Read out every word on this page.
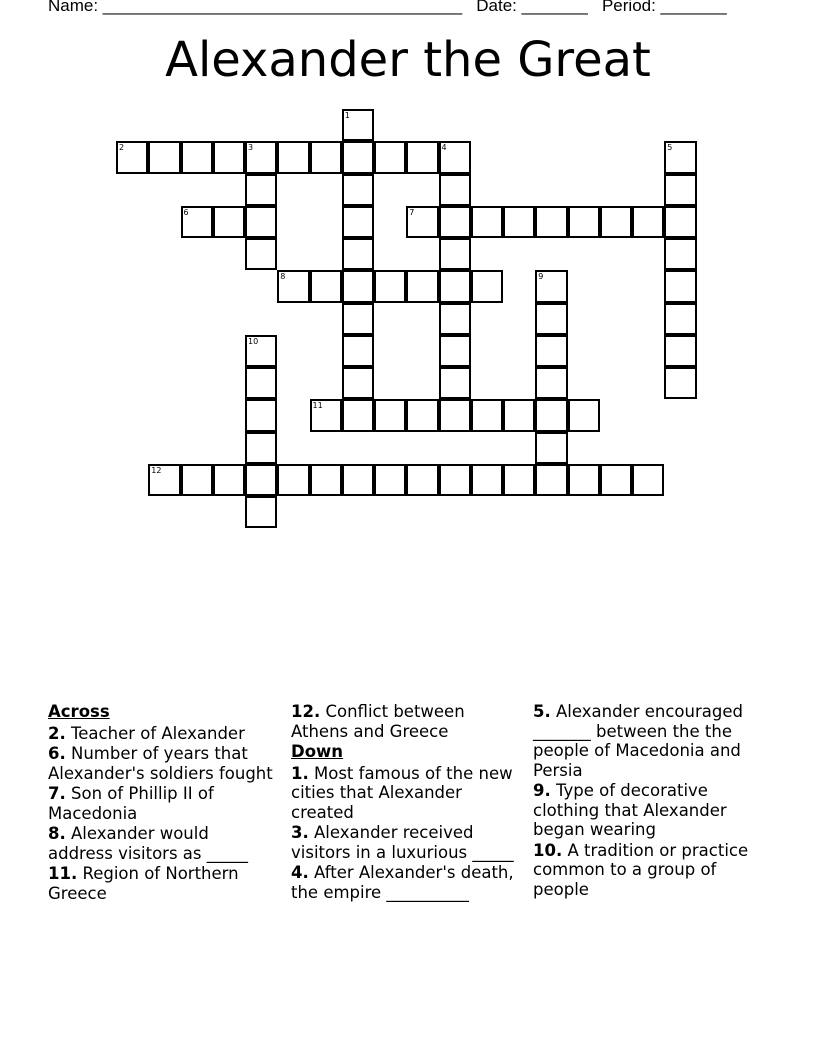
Name: ______________________________________ Date: _______ Period: _______
Alexander the Great
1
2	3	4	5
6	7
8	9
10
11
12
Across
2. Teacher of Alexander
6. Number of years that Alexander's soldiers fought
7. Son of Phillip II of Macedonia
8. Alexander would address visitors as _____
11. Region of Northern Greece
12. Conflict between Athens and Greece
Down
1. Most famous of the new cities that Alexander created
3. Alexander received visitors in a luxurious _____
4. After Alexander's death, the empire __________
5. Alexander encouraged _______ between the the people of Macedonia and Persia
9. Type of decorative clothing that Alexander began wearing
10. A tradition or practice common to a group of people
